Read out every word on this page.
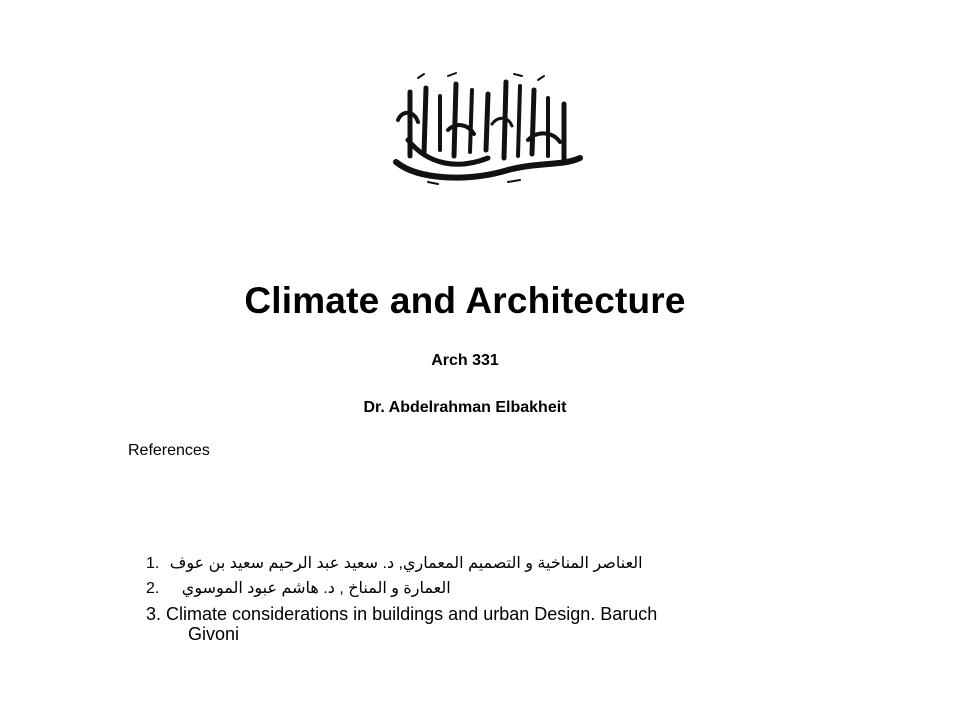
Climate and Architecture
Arch 331
Dr. Abdelrahman Elbakheit
References
1. العناصر المناخية و التصميم المعماري, د. سعيد عبد الرحيم سعيد بن عوف
2. العمارة و المناخ , د. هاشم عبود الموسوي
3. Climate considerations in buildings and urban Design. Baruch
Givoni
